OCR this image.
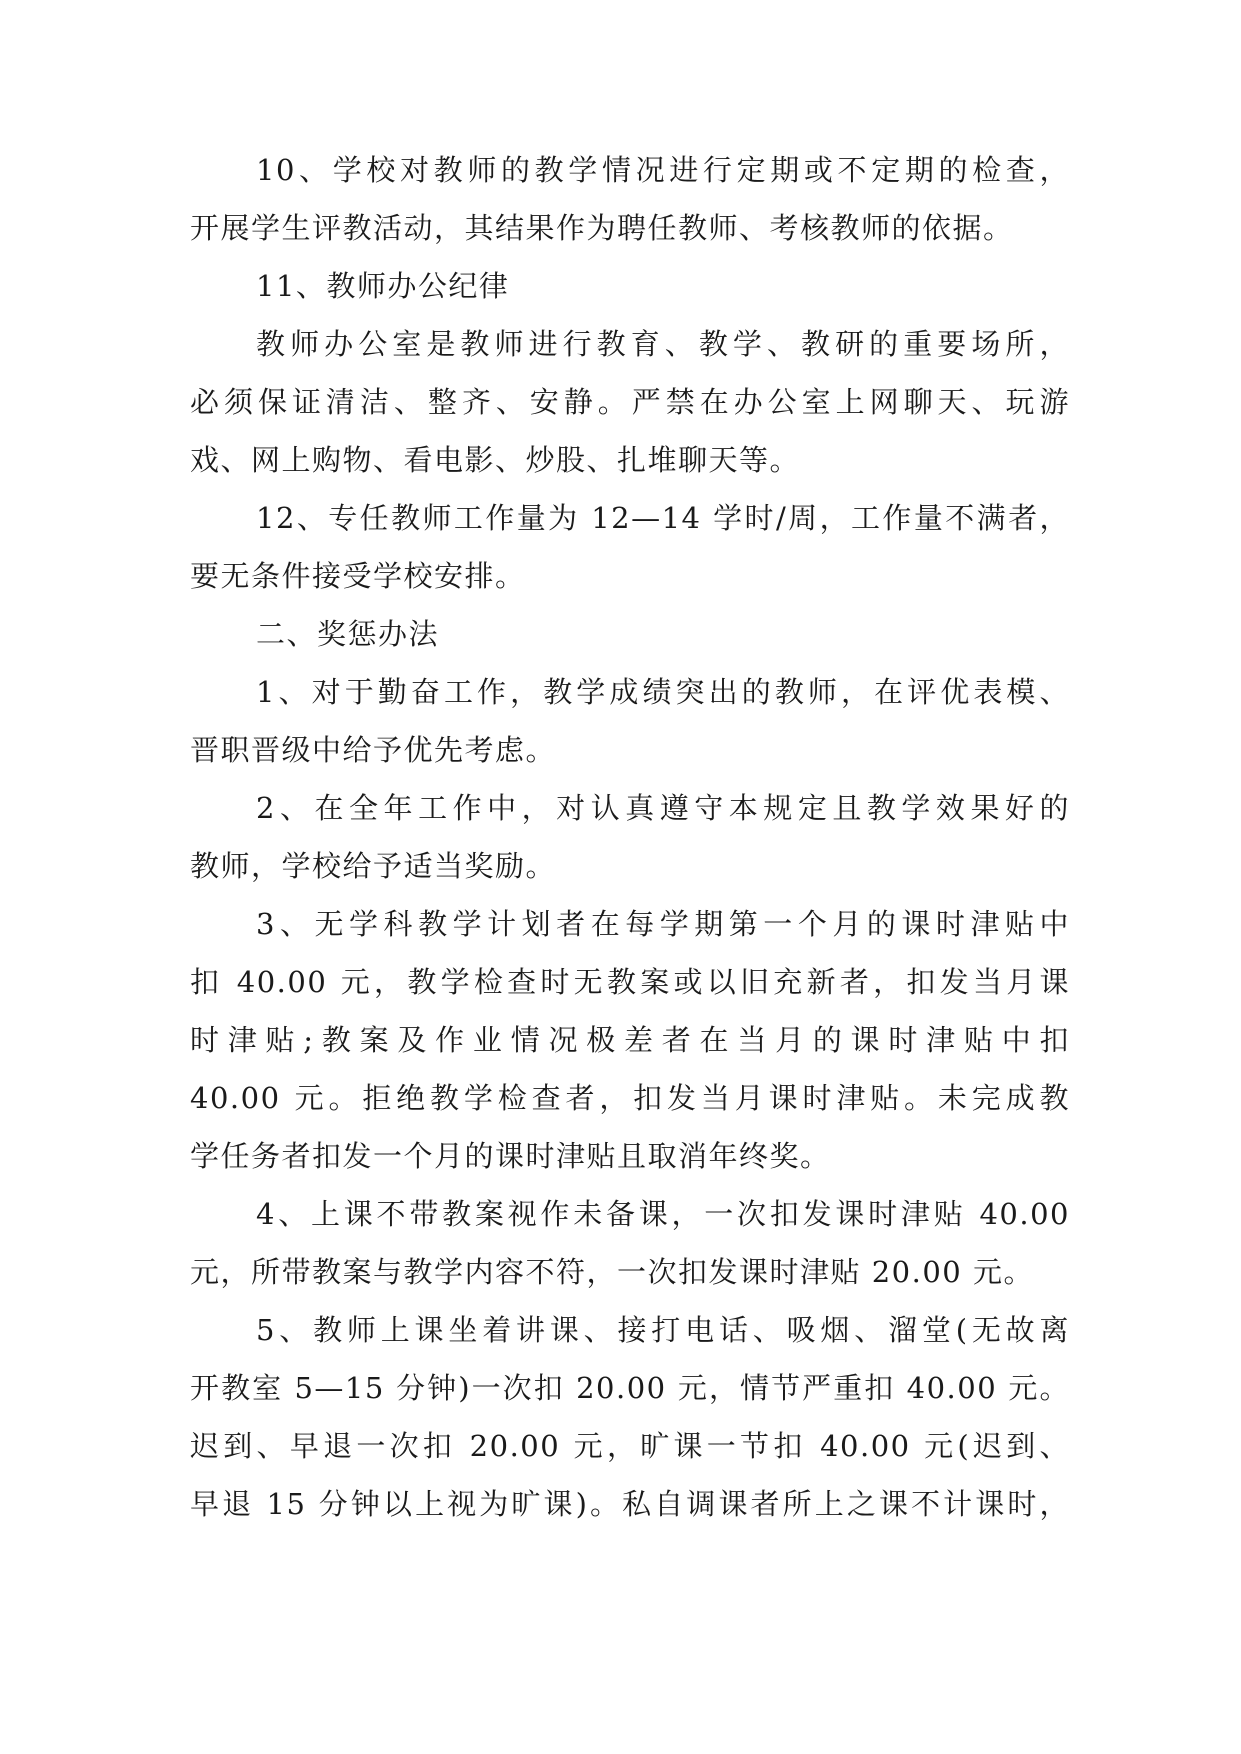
10、学校对教师的教学情况进行定期或不定期的检查，
开展学生评教活动，其结果作为聘任教师、考核教师的依据。
11、教师办公纪律
教师办公室是教师进行教育、教学、教研的重要场所，
必须保证清洁、整齐、安静。严禁在办公室上网聊天、玩游
戏、网上购物、看电影、炒股、扎堆聊天等。
12、专任教师工作量为 12—14 学时/周，工作量不满者，
要无条件接受学校安排。
二、奖惩办法
1、对于勤奋工作，教学成绩突出的教师，在评优表模、
晋职晋级中给予优先考虑。
2、在全年工作中，对认真遵守本规定且教学效果好的
教师，学校给予适当奖励。
3、无学科教学计划者在每学期第一个月的课时津贴中
扣 40.00 元，教学检查时无教案或以旧充新者，扣发当月课
时津贴;教案及作业情况极差者在当月的课时津贴中扣
40.00 元。拒绝教学检查者，扣发当月课时津贴。未完成教
学任务者扣发一个月的课时津贴且取消年终奖。
4、上课不带教案视作未备课，一次扣发课时津贴 40.00
元，所带教案与教学内容不符，一次扣发课时津贴 20.00 元。
5、教师上课坐着讲课、接打电话、吸烟、溜堂(无故离
开教室 5—15 分钟)一次扣 20.00 元，情节严重扣 40.00 元。
迟到、早退一次扣 20.00 元，旷课一节扣 40.00 元(迟到、
早退 15 分钟以上视为旷课)。私自调课者所上之课不计课时，
